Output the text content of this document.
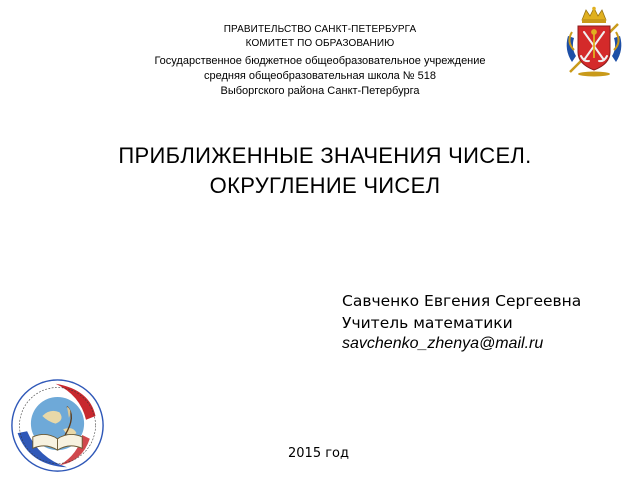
ПРАВИТЕЛЬСТВО САНКТ-ПЕТЕРБУРГА
КОМИТЕТ ПО ОБРАЗОВАНИЮ
Государственное бюджетное общеобразовательное учреждение
средняя общеобразовательная школа № 518
Выборгского района Санкт-Петербурга
ПРИБЛИЖЕННЫЕ ЗНАЧЕНИЯ ЧИСЕЛ.
ОКРУГЛЕНИЕ ЧИСЕЛ
Савченко Евгения Сергеевна
Учитель математики
savchenko_zhenya@mail.ru
2015 год
